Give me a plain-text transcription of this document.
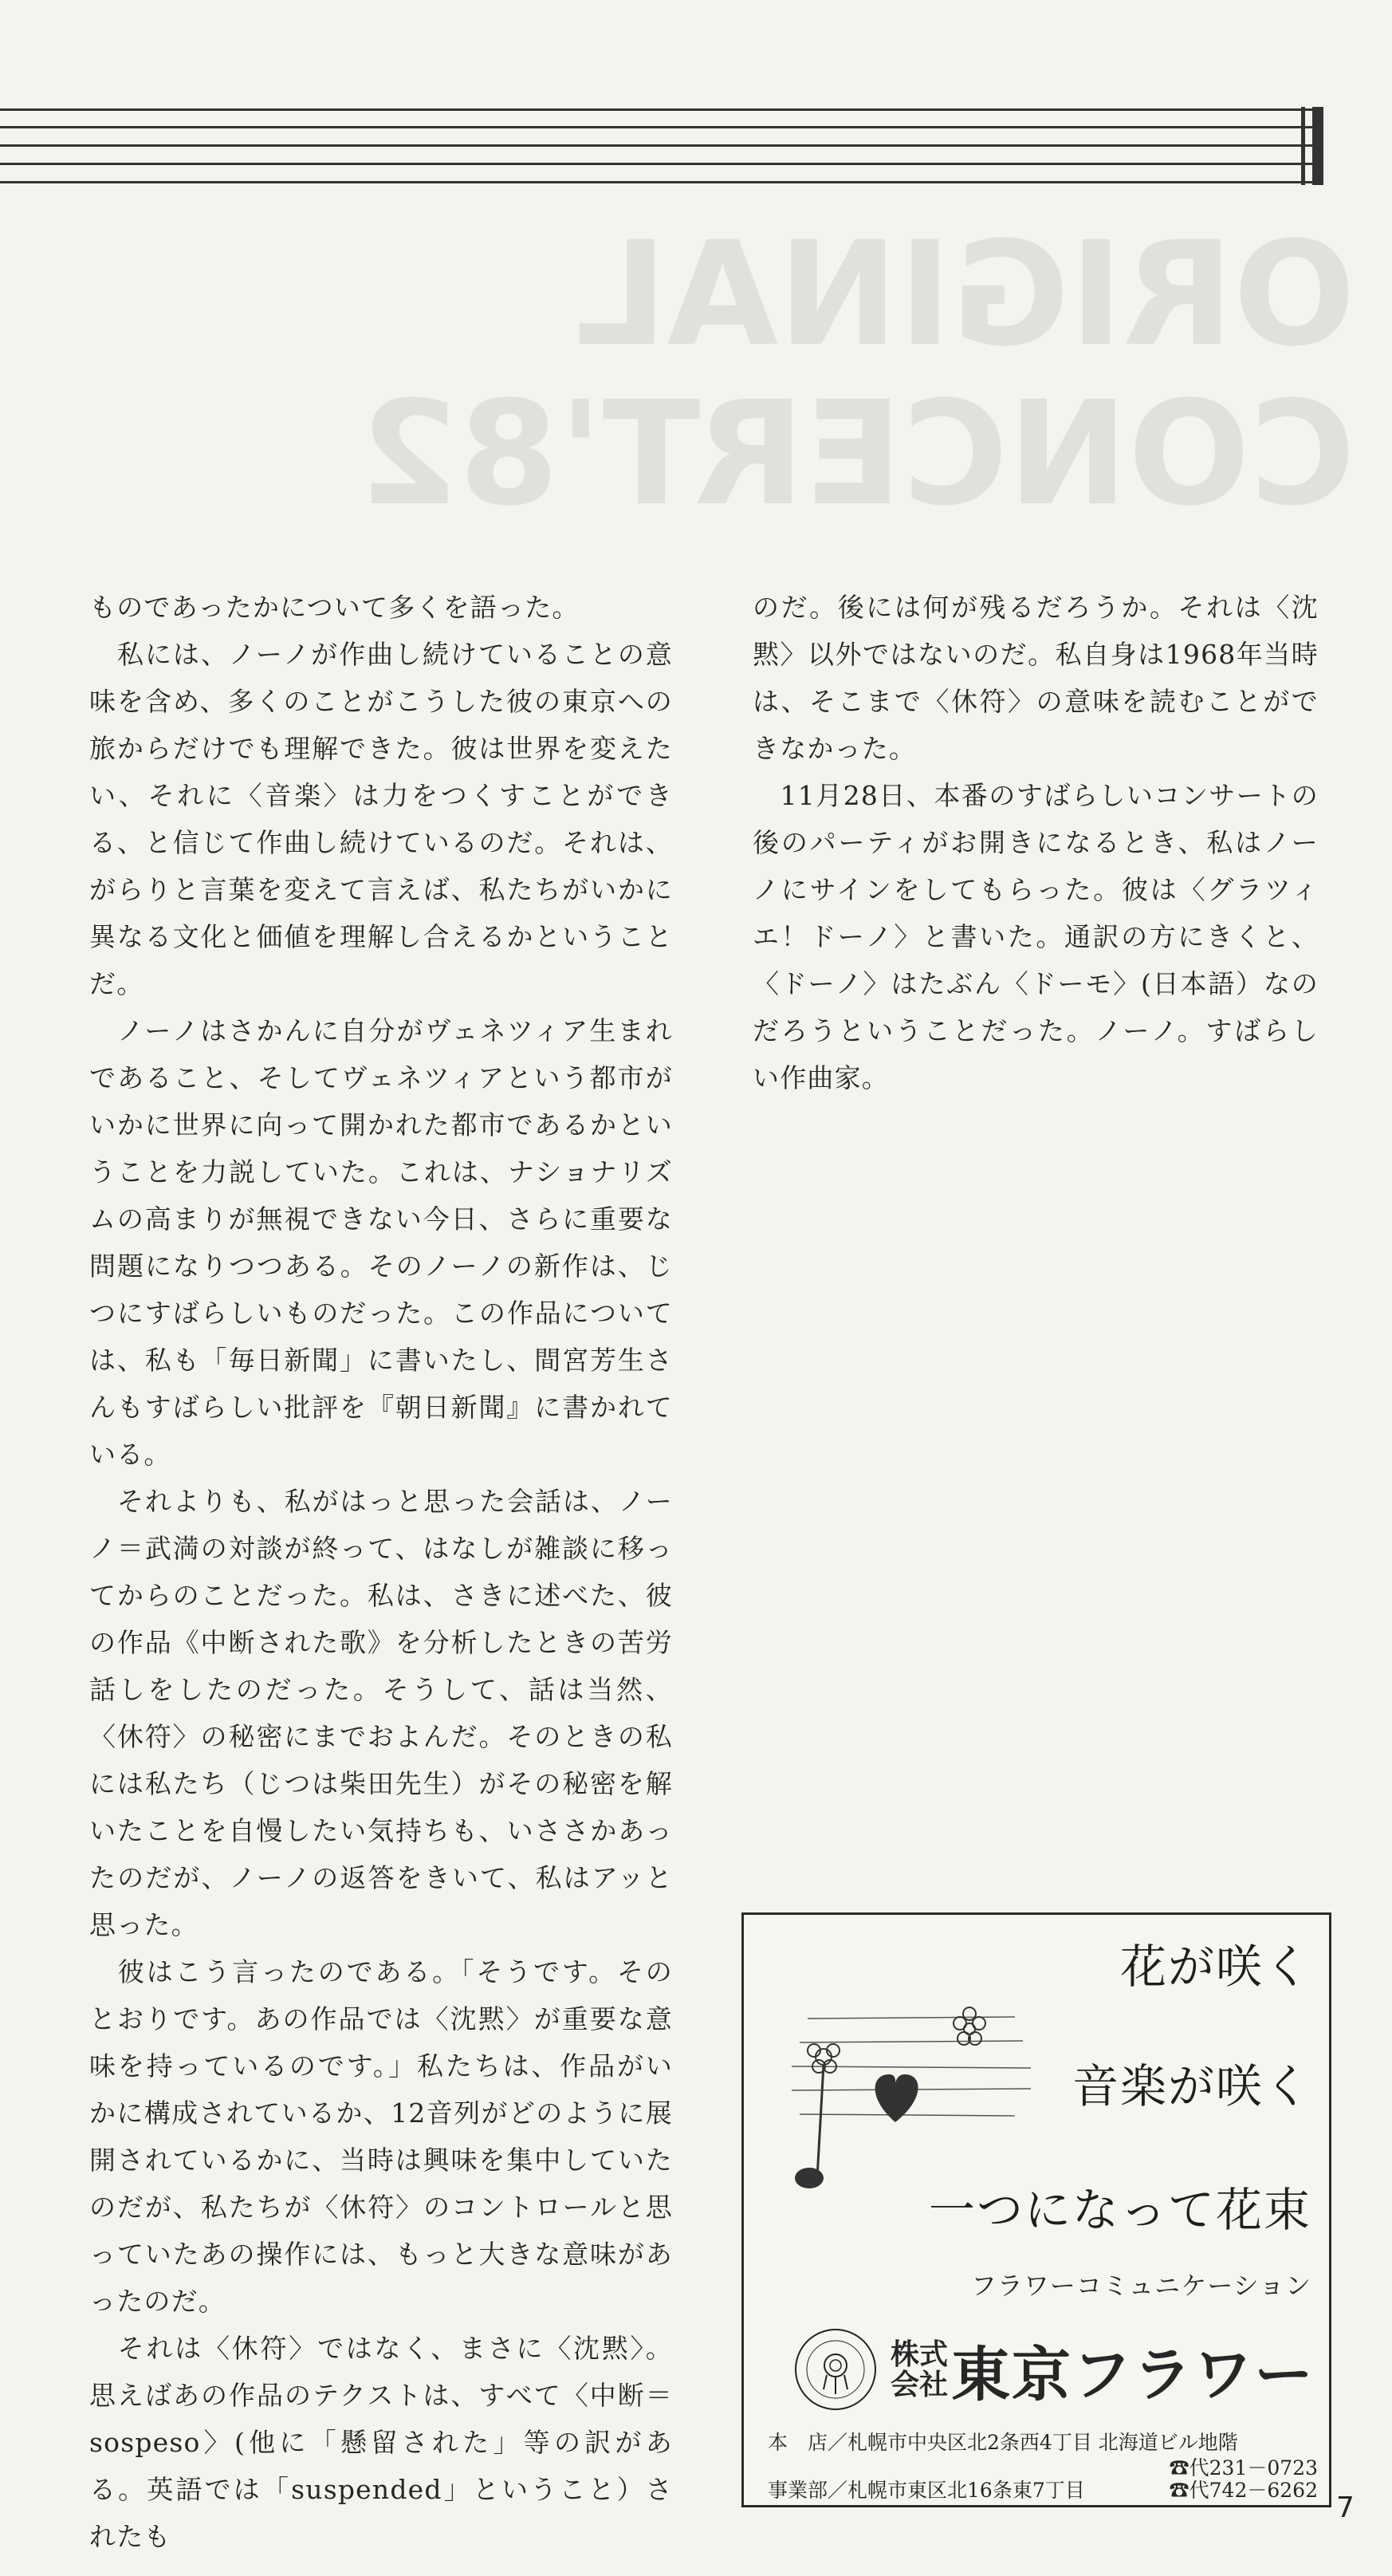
ORIGINAL
CONCERT'82

ものであったかについて多くを語った。

　私には、ノーノが作曲し続けていることの意味を含め、多くのことがこうした彼の東京への旅からだけでも理解できた。彼は世界を変えたい、それに〈音楽〉は力をつくすことができる、と信じて作曲し続けているのだ。それは、がらりと言葉を変えて言えば、私たちがいかに異なる文化と価値を理解し合えるかということだ。

　ノーノはさかんに自分がヴェネツィア生まれであること、そしてヴェネツィアという都市がいかに世界に向って開かれた都市であるかということを力説していた。これは、ナショナリズムの高まりが無視できない今日、さらに重要な問題になりつつある。そのノーノの新作は、じつにすばらしいものだった。この作品については、私も「毎日新聞」に書いたし、間宮芳生さんもすばらしい批評を『朝日新聞』に書かれている。

　それよりも、私がはっと思った会話は、ノーノ＝武満の対談が終って、はなしが雑談に移ってからのことだった。私は、さきに述べた、彼の作品《中断された歌》を分析したときの苦労話しをしたのだった。そうして、話は当然、〈休符〉の秘密にまでおよんだ。そのときの私には私たち（じつは柴田先生）がその秘密を解いたことを自慢したい気持ちも、いささかあったのだが、ノーノの返答をきいて、私はアッと思った。

　彼はこう言ったのである。「そうです。そのとおりです。あの作品では〈沈黙〉が重要な意味を持っているのです。」私たちは、作品がいかに構成されているか、12音列がどのように展開されているかに、当時は興味を集中していたのだが、私たちが〈休符〉のコントロールと思っていたあの操作には、もっと大きな意味があったのだ。

　それは〈休符〉ではなく、まさに〈沈黙〉。思えばあの作品のテクストは、すべて〈中断＝sospeso〉(他に「懸留された」等の訳がある。英語では「suspended」ということ）されたも

のだ。後には何が残るだろうか。それは〈沈黙〉以外ではないのだ。私自身は1968年当時は、そこまで〈休符〉の意味を読むことができなかった。

　11月28日、本番のすばらしいコンサートの後のパーティがお開きになるとき、私はノーノにサインをしてもらった。彼は〈グラツィエ！ドーノ〉と書いた。通訳の方にきくと、〈ドーノ〉はたぶん〈ドーモ〉(日本語）なのだろうということだった。ノーノ。すばらしい作曲家。

花が咲く
音楽が咲く
一つになって花束
フラワーコミュニケーション
株式
会社 東京フラワー
本　店／札幌市中央区北2条西4丁目 北海道ビル地階
☎代231－0723
事業部／札幌市東区北16条東7丁目	☎代742－6262
7
